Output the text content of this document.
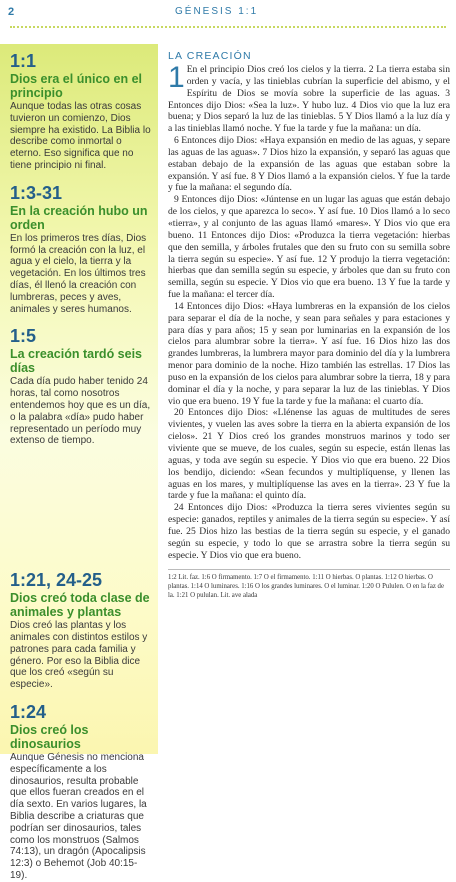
2	GÉNESIS 1:1
1:1
Dios era el único en el principio
Aunque todas las otras cosas tuvieron un comienzo, Dios siempre ha existido. La Biblia lo describe como inmortal o eterno. Eso significa que no tiene principio ni final.
1:3-31
En la creación hubo un orden
En los primeros tres días, Dios formó la creación con la luz, el agua y el cielo, la tierra y la vegetación. En los últimos tres días, él llenó la creación con lumbreras, peces y aves, animales y seres humanos.
1:5
La creación tardó seis días
Cada día pudo haber tenido 24 horas, tal como nosotros entendemos hoy que es un día, o la palabra «día» pudo haber representado un período muy extenso de tiempo.
1:21, 24-25
Dios creó toda clase de animales y plantas
Dios creó las plantas y los animales con distintos estilos y patrones para cada familia y género. Por eso la Biblia dice que los creó «según su especie».
1:24
Dios creó los dinosaurios
Aunque Génesis no menciona específicamente a los dinosaurios, resulta probable que ellos fueran creados en el día sexto. En varios lugares, la Biblia describe a criaturas que podrían ser dinosaurios, tales como los monstruos (Salmos 74:13), un dragón (Apocalipsis 12:3) o Behemot (Job 40:15-19).
LA CREACIÓN

1 En el principio Dios creó los cielos y la tierra. 2 La tierra estaba sin orden y vacía, y las tinieblas cubrían la superficie del abismo, y el Espíritu de Dios se movía sobre la superficie de las aguas. 3 Entonces dijo Dios: «Sea la luz». Y hubo luz. 4 Dios vio que la luz era buena; y Dios separó la luz de las tinieblas. 5 Y Dios llamó a la luz día y a las tinieblas llamó noche. Y fue la tarde y fue la mañana: un día.

6 Entonces dijo Dios: «Haya expansión en medio de las aguas, y separe las aguas de las aguas». 7 Dios hizo la expansión, y separó las aguas que estaban debajo de la expansión de las aguas que estaban sobre la expansión. Y así fue. 8 Y Dios llamó a la expansión cielos. Y fue la tarde y fue la mañana: el segundo día.

9 Entonces dijo Dios: «Júntense en un lugar las aguas que están debajo de los cielos, y que aparezca lo seco». Y así fue. 10 Dios llamó a lo seco «tierra», y al conjunto de las aguas llamó «mares». Y Dios vio que era bueno. 11 Entonces dijo Dios: «Produzca la tierra vegetación: hierbas que den semilla, y árboles frutales que den su fruto con su semilla sobre la tierra según su especie». Y así fue. 12 Y produjo la tierra vegetación: hierbas que dan semilla según su especie, y árboles que dan su fruto con semilla, según su especie. Y Dios vio que era bueno. 13 Y fue la tarde y fue la mañana: el tercer día.

14 Entonces dijo Dios: «Haya lumbreras en la expansión de los cielos para separar el día de la noche, y sean para señales y para estaciones y para días y para años; 15 y sean por luminarias en la expansión de los cielos para alumbrar sobre la tierra». Y así fue. 16 Dios hizo las dos grandes lumbreras, la lumbrera mayor para dominio del día y la lumbrera menor para dominio de la noche. Hizo también las estrellas. 17 Dios las puso en la expansión de los cielos para alumbrar sobre la tierra, 18 y para dominar el día y la noche, y para separar la luz de las tinieblas. Y Dios vio que era bueno. 19 Y fue la tarde y fue la mañana: el cuarto día.

20 Entonces dijo Dios: «Llénense las aguas de multitudes de seres vivientes, y vuelen las aves sobre la tierra en la abierta expansión de los cielos». 21 Y Dios creó los grandes monstruos marinos y todo ser viviente que se mueve, de los cuales, según su especie, están llenas las aguas, y toda ave según su especie. Y Dios vio que era bueno. 22 Dios los bendijo, diciendo: «Sean fecundos y multiplíquense, y llenen las aguas en los mares, y multiplíquense las aves en la tierra». 23 Y fue la tarde y fue la mañana: el quinto día.

24 Entonces dijo Dios: «Produzca la tierra seres vivientes según su especie: ganados, reptiles y animales de la tierra según su especie». Y así fue. 25 Dios hizo las bestias de la tierra según su especie, y el ganado según su especie, y todo lo que se arrastra sobre la tierra según su especie. Y Dios vio que era bueno.

1:2 Lit. faz. 1:6 O firmamento. 1:7 O el firmamento. 1:11 O hierbas. O plantas. 1:12 O hierbas. O plantas. 1:14 O luminares. 1:16 O los grandes luminares. O el luminar. 1:20 O Pululen. O en la faz de la. 1:21 O pululan. Lit. ave alada
